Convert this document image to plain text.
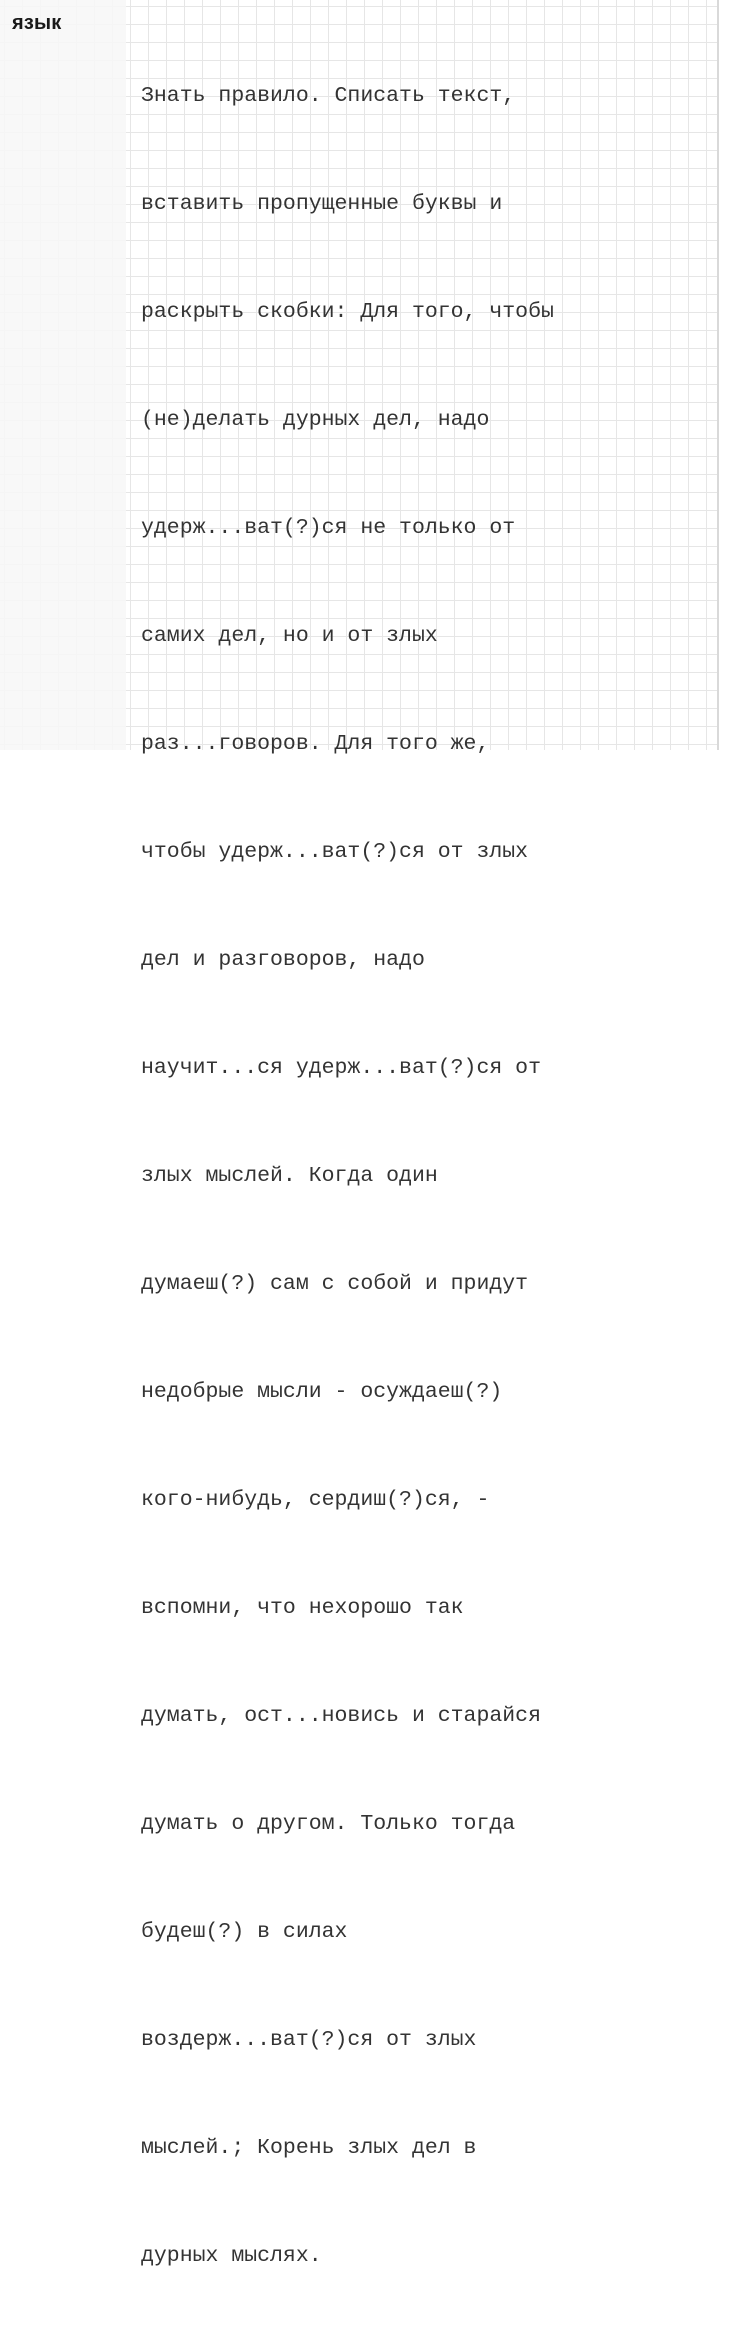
язык

Знать правило. Списать текст,

вставить пропущенные буквы и

раскрыть скобки: Для того, чтобы

(не)делать дурных дел, надо

удерж...ват(?)ся не только от

самих дел, но и от злых

раз...говоров. Для того же,

чтобы удерж...ват(?)ся от злых

дел и разговоров, надо

научит...ся удерж...ват(?)ся от

злых мыслей. Когда один

думаеш(?) сам с собой и придут

недобрые мысли - осуждаеш(?)

кого-нибудь, сердиш(?)ся, -

вспомни, что нехорошо так

думать, ост...новись и старайся

думать о другом. Только тогда

будеш(?) в силах

воздерж...ват(?)ся от злых

мыслей.; Корень злых дел в

дурных мыслях.
